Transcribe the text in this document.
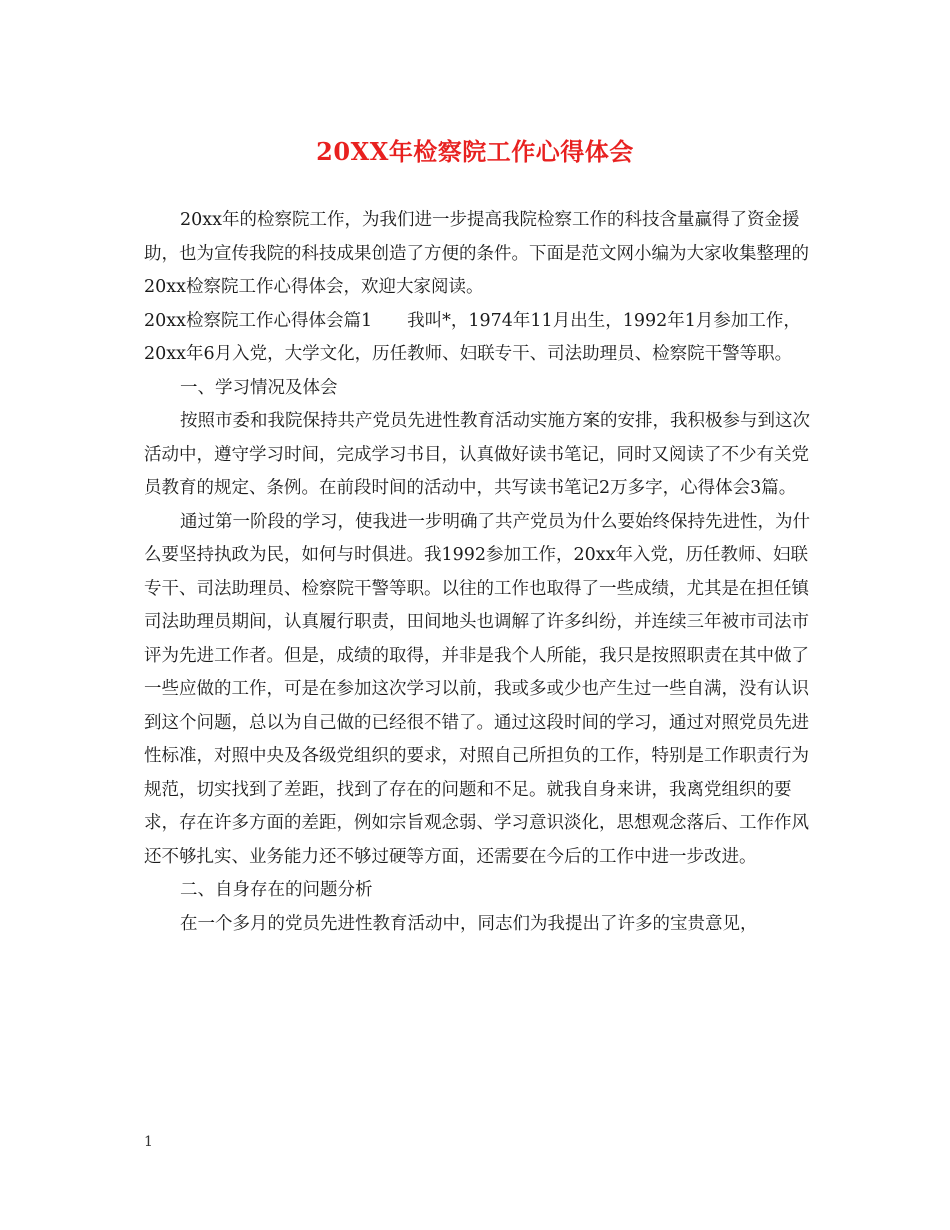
20XX年检察院工作心得体会

20xx年的检察院工作，为我们进一步提高我院检察工作的科技含量赢得了资金援助，也为宣传我院的科技成果创造了方便的条件。下面是范文网小编为大家收集整理的20xx检察院工作心得体会，欢迎大家阅读。

20xx检察院工作心得体会篇1　　我叫*，1974年11月出生，1992年1月参加工作，20xx年6月入党，大学文化，历任教师、妇联专干、司法助理员、检察院干警等职。

一、学习情况及体会

按照市委和我院保持共产党员先进性教育活动实施方案的安排，我积极参与到这次活动中，遵守学习时间，完成学习书目，认真做好读书笔记，同时又阅读了不少有关党员教育的规定、条例。在前段时间的活动中，共写读书笔记2万多字，心得体会3篇。

通过第一阶段的学习，使我进一步明确了共产党员为什么要始终保持先进性，为什么要坚持执政为民，如何与时俱进。我1992参加工作，20xx年入党，历任教师、妇联专干、司法助理员、检察院干警等职。以往的工作也取得了一些成绩，尤其是在担任镇司法助理员期间，认真履行职责，田间地头也调解了许多纠纷，并连续三年被市司法市评为先进工作者。但是，成绩的取得，并非是我个人所能，我只是按照职责在其中做了一些应做的工作，可是在参加这次学习以前，我或多或少也产生过一些自满，没有认识到这个问题，总以为自己做的已经很不错了。通过这段时间的学习，通过对照党员先进性标准，对照中央及各级党组织的要求，对照自己所担负的工作，特别是工作职责行为规范，切实找到了差距，找到了存在的问题和不足。就我自身来讲，我离党组织的要求，存在许多方面的差距，例如宗旨观念弱、学习意识淡化，思想观念落后、工作作风还不够扎实、业务能力还不够过硬等方面，还需要在今后的工作中进一步改进。

二、自身存在的问题分析

在一个多月的党员先进性教育活动中，同志们为我提出了许多的宝贵意见，

1
